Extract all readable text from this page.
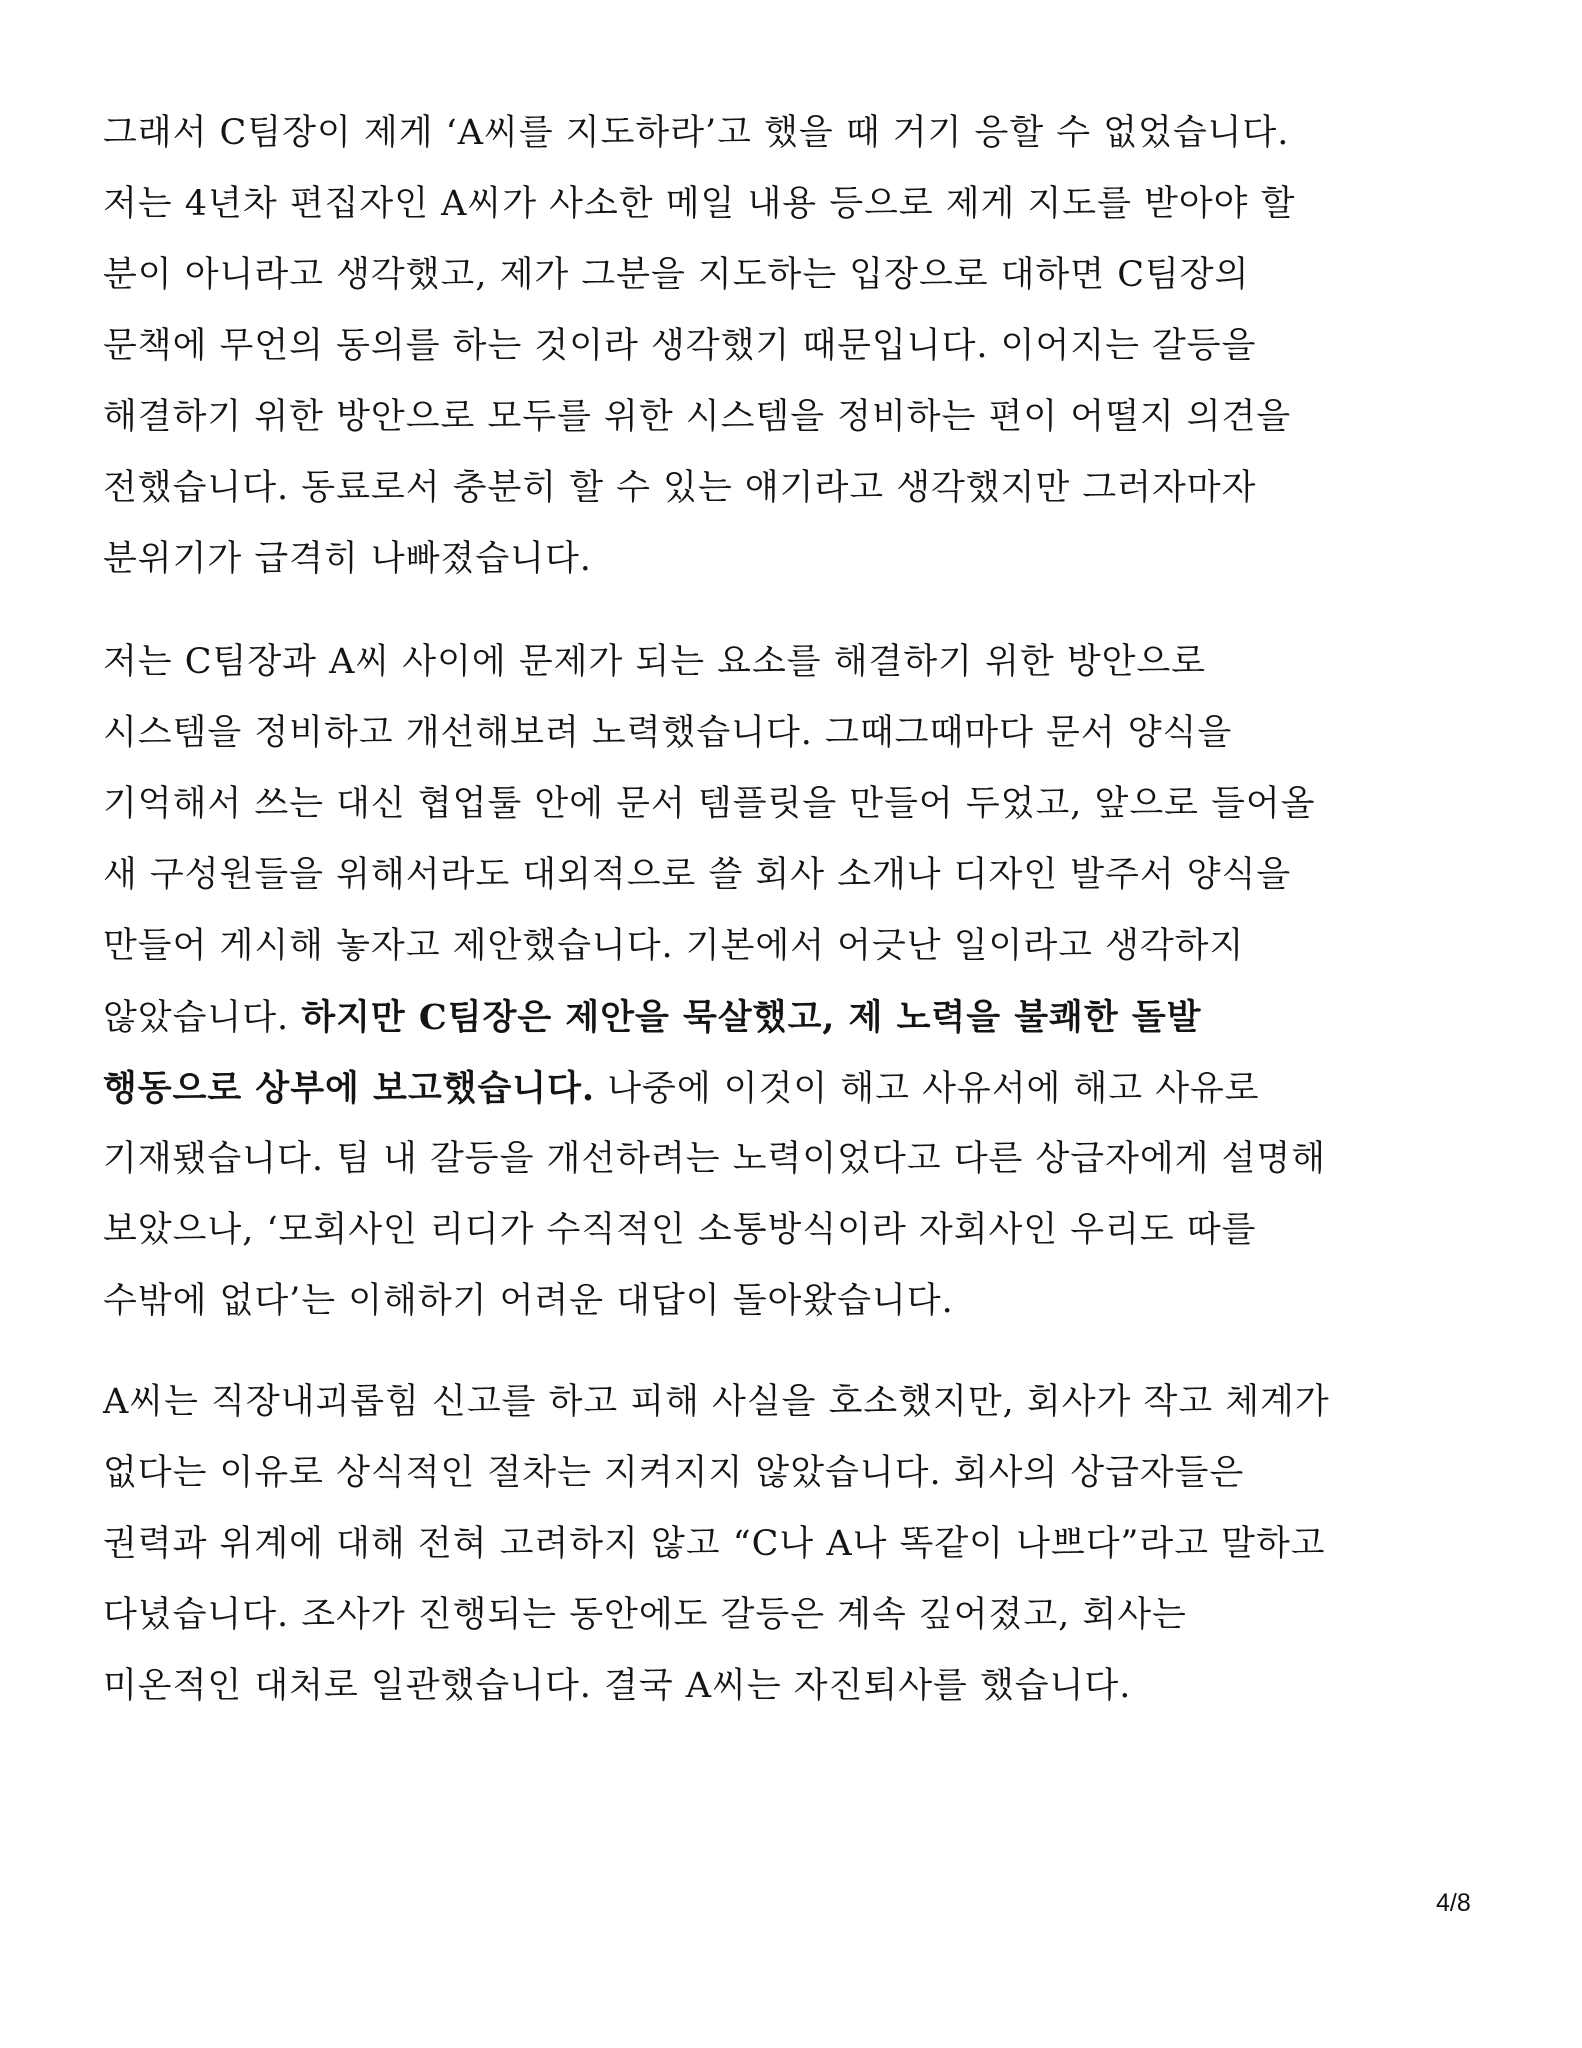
그래서 C팀장이 제게 ‘A씨를 지도하라’고 했을 때 거기 응할 수 없었습니다.
저는 4년차 편집자인 A씨가 사소한 메일 내용 등으로 제게 지도를 받아야 할
분이 아니라고 생각했고, 제가 그분을 지도하는 입장으로 대하면 C팀장의
문책에 무언의 동의를 하는 것이라 생각했기 때문입니다. 이어지는 갈등을
해결하기 위한 방안으로 모두를 위한 시스템을 정비하는 편이 어떨지 의견을
전했습니다. 동료로서 충분히 할 수 있는 얘기라고 생각했지만 그러자마자
분위기가 급격히 나빠졌습니다.
저는 C팀장과 A씨 사이에 문제가 되는 요소를 해결하기 위한 방안으로
시스템을 정비하고 개선해보려 노력했습니다. 그때그때마다 문서 양식을
기억해서 쓰는 대신 협업툴 안에 문서 템플릿을 만들어 두었고, 앞으로 들어올
새 구성원들을 위해서라도 대외적으로 쓸 회사 소개나 디자인 발주서 양식을
만들어 게시해 놓자고 제안했습니다. 기본에서 어긋난 일이라고 생각하지
않았습니다. 하지만 C팀장은 제안을 묵살했고, 제 노력을 불쾌한 돌발
행동으로 상부에 보고했습니다. 나중에 이것이 해고 사유서에 해고 사유로
기재됐습니다. 팀 내 갈등을 개선하려는 노력이었다고 다른 상급자에게 설명해
보았으나, ‘모회사인 리디가 수직적인 소통방식이라 자회사인 우리도 따를
수밖에 없다’는 이해하기 어려운 대답이 돌아왔습니다.
A씨는 직장내괴롭힘 신고를 하고 피해 사실을 호소했지만, 회사가 작고 체계가
없다는 이유로 상식적인 절차는 지켜지지 않았습니다. 회사의 상급자들은
권력과 위계에 대해 전혀 고려하지 않고 “C나 A나 똑같이 나쁘다”라고 말하고
다녔습니다. 조사가 진행되는 동안에도 갈등은 계속 깊어졌고, 회사는
미온적인 대처로 일관했습니다. 결국 A씨는 자진퇴사를 했습니다.
4/8
